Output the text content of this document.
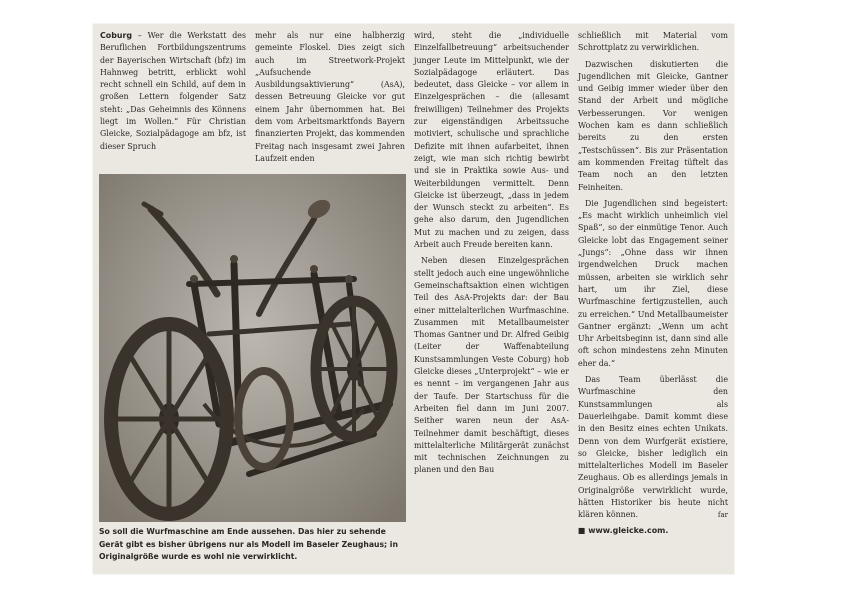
Coburg – Wer die Werkstatt des Beruflichen Fortbildungszentrums der Bayerischen Wirtschaft (bfz) im Hahnweg betritt, erblickt wohl recht schnell ein Schild, auf dem in großen Lettern folgender Satz steht: „Das Geheimnis des Könnens liegt im Wollen.“ Für Christian Gleicke, Sozialpädagoge am bfz, ist dieser Spruch

mehr als nur eine halbherzig gemeinte Floskel. Dies zeigt sich auch im Streetwork-Projekt „Aufsuchende Ausbildungsaktivierung“ (AsA), dessen Betreuung Gleicke vor gut einem Jahr übernommen hat. Bei dem vom Arbeitsmarktfonds Bayern finanzierten Projekt, das kommenden Freitag nach insgesamt zwei Jahren Laufzeit enden

So soll die Wurfmaschine am Ende aussehen. Das hier zu sehende Gerät gibt es bisher übrigens nur als Modell im Baseler Zeughaus; in Originalgröße wurde es wohl nie verwirklicht.

wird, steht die „individuelle Einzelfallbetreuung“ arbeitsuchender junger Leute im Mittelpunkt, wie der Sozialpädagoge erläutert. Das bedeutet, dass Gleicke – vor allem in Einzelgesprächen – die (allesamt freiwilligen) Teilnehmer des Projekts zur eigenständigen Arbeitssuche motiviert, schulische und sprachliche Defizite mit ihnen aufarbeitet, ihnen zeigt, wie man sich richtig bewirbt und sie in Praktika sowie Aus- und Weiterbildungen vermittelt. Denn Gleicke ist überzeugt, „dass in jedem der Wunsch steckt zu arbeiten“. Es gehe also darum, den Jugendlichen Mut zu machen und zu zeigen, dass Arbeit auch Freude bereiten kann.

Neben diesen Einzelgesprächen stellt jedoch auch eine ungewöhnliche Gemeinschaftsaktion einen wichtigen Teil des AsA-Projekts dar: der Bau einer mittelalterlichen Wurfmaschine. Zusammen mit Metallbaumeister Thomas Gantner und Dr. Alfred Geibig (Leiter der Waffenabteilung Kunstsammlungen Veste Coburg) hob Gleicke dieses „Unterprojekt“ – wie er es nennt – im vergangenen Jahr aus der Taufe. Der Startschuss für die Arbeiten fiel dann im Juni 2007. Seither waren neun der AsA-Teilnehmer damit beschäftigt, dieses mittelalterliche Militärgerät zunächst mit technischen Zeichnungen zu planen und den Bau

schließlich mit Material vom Schrottplatz zu verwirklichen.

Dazwischen diskutierten die Jugendlichen mit Gleicke, Gantner und Geibig immer wieder über den Stand der Arbeit und mögliche Verbesserungen. Vor wenigen Wochen kam es dann schließlich bereits zu den ersten „Testschüssen“. Bis zur Präsentation am kommenden Freitag tüftelt das Team noch an den letzten Feinheiten.

Die Jugendlichen sind begeistert: „Es macht wirklich unheimlich viel Spaß“, so der einmütige Tenor. Auch Gleicke lobt das Engagement seiner „Jungs“: „Ohne dass wir ihnen irgendwelchen Druck machen müssen, arbeiten sie wirklich sehr hart, um ihr Ziel, diese Wurfmaschine fertigzustellen, auch zu erreichen.“ Und Metallbaumeister Gantner ergänzt: „Wenn um acht Uhr Arbeitsbeginn ist, dann sind alle oft schon mindestens zehn Minuten eher da.“

Das Team überlässt die Wurfmaschine den Kunstsammlungen als Dauerleihgabe. Damit kommt diese in den Besitz eines echten Unikats. Denn von dem Wurfgerät existiere, so Gleicke, bisher lediglich ein mittelalterliches Modell im Baseler Zeughaus. Ob es allerdings jemals in Originalgröße verwirklicht wurde, hätten Historiker bis heute nicht klären können.	far

■ www.gleicke.com.
